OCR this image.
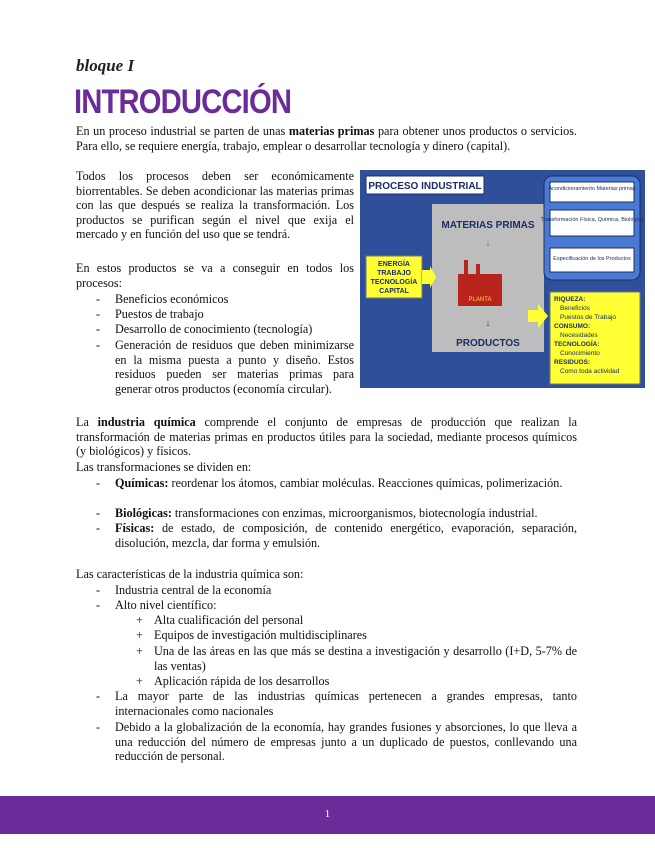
bloque I
INTRODUCCIÓN
En un proceso industrial se parten de unas materias primas para obtener unos productos o servicios. Para ello, se requiere energía, trabajo, emplear o desarrollar tecnología y dinero (capital).
Todos los procesos deben ser económicamente biorrentables. Se deben acondicionar las materias primas con las que después se realiza la transformación. Los productos se purifican según el nivel que exija el mercado y en función del uso que se tendrá.
En estos productos se va a conseguir en todos los procesos:
- Beneficios económicos
- Puestos de trabajo
- Desarrollo de conocimiento (tecnología)
- Generación de residuos que deben minimizarse en la misma puesta a punto y diseño. Estos residuos pueden ser materias primas para generar otros productos (economía circular).
PROCESO INDUSTRIAL
MATERIAS PRIMAS
↓
PLANTA
↓
PRODUCTOS
ENERGÍA
TRABAJO
TECNOLOGÍA
CAPITAL
Acondicionamiento Materias primas
Transformación Física, Química, Biológica
Especificación de los Productos
RIQUEZA:
Beneficios
Puestos de Trabajo
CONSUMO:
Necesidades
TECNOLOGÍA:
Conocimiento
RESIDUOS:
Como toda actividad
La industria química comprende el conjunto de empresas de producción que realizan la transformación de materias primas en productos útiles para la sociedad, mediante procesos químicos (y biológicos) y físicos.
Las transformaciones se dividen en:
- Químicas: reordenar los átomos, cambiar moléculas. Reacciones químicas, polimerización.
- Biológicas: transformaciones con enzimas, microorganismos, biotecnología industrial.
- Físicas: de estado, de composición, de contenido energético, evaporación, separación, disolución, mezcla, dar forma y emulsión.
Las características de la industria química son:
- Industria central de la economía
- Alto nivel científico:
+ Alta cualificación del personal
+ Equipos de investigación multidisciplinares
+ Una de las áreas en las que más se destina a investigación y desarrollo (I+D, 5-7% de las ventas)
+ Aplicación rápida de los desarrollos
- La mayor parte de las industrias químicas pertenecen a grandes empresas, tanto internacionales como nacionales
- Debido a la globalización de la economía, hay grandes fusiones y absorciones, lo que lleva a una reducción del número de empresas junto a un duplicado de puestos, conllevando una reducción de personal.
1
